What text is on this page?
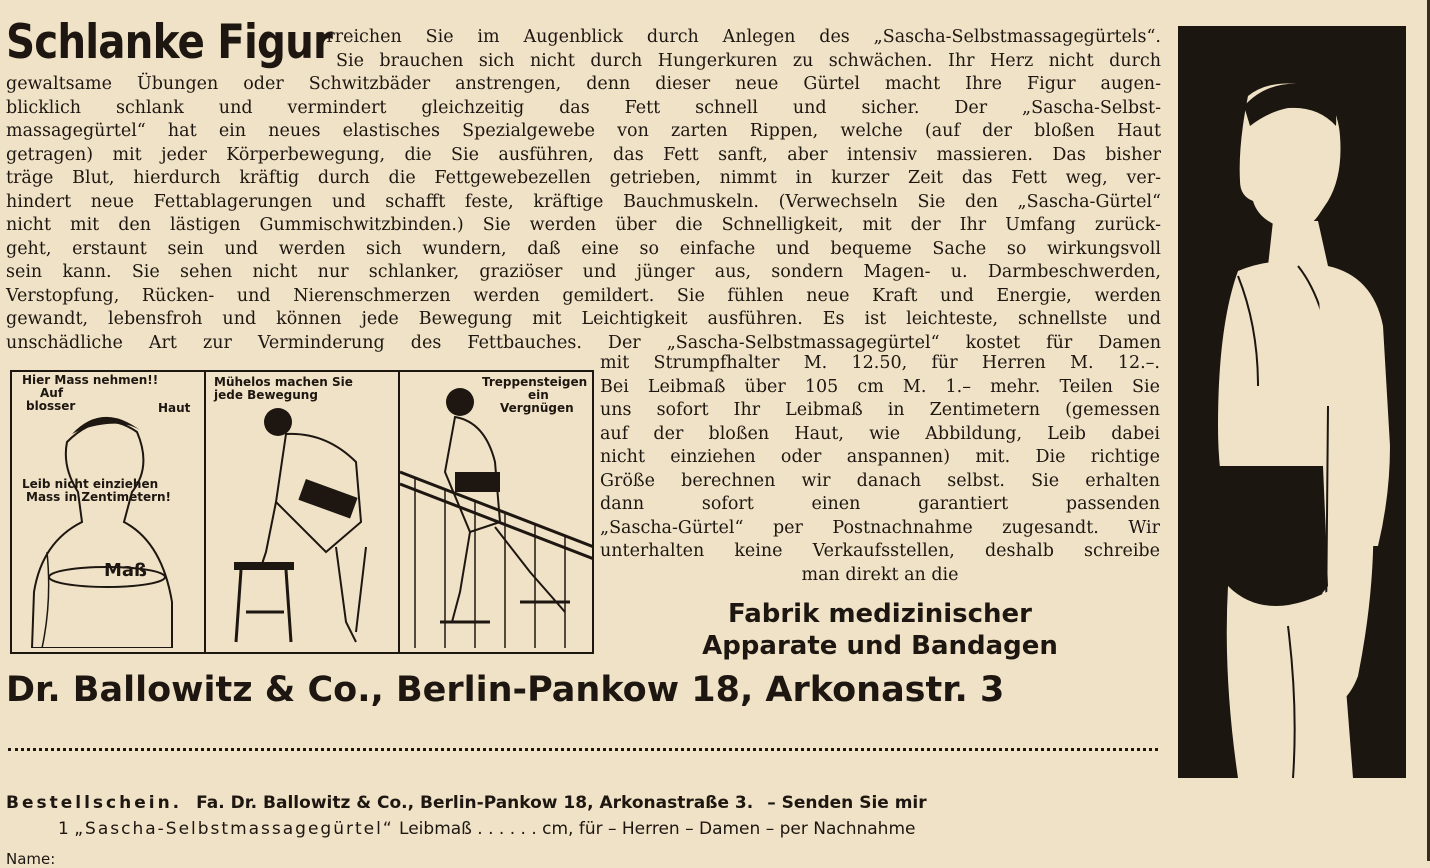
Schlanke Figur
erreichen Sie im Augenblick durch Anlegen des „Sascha-Selbstmassagegürtels“.
Sie brauchen sich nicht durch Hungerkuren zu schwächen. Ihr Herz nicht durch
gewaltsame Übungen oder Schwitzbäder anstrengen, denn dieser neue Gürtel macht Ihre Figur augen-
blicklich schlank und vermindert gleichzeitig das Fett schnell und sicher. Der „Sascha-Selbst-
massagegürtel“ hat ein neues elastisches Spezialgewebe von zarten Rippen, welche (auf der bloßen Haut
getragen) mit jeder Körperbewegung, die Sie ausführen, das Fett sanft, aber intensiv massieren. Das bisher
träge Blut, hierdurch kräftig durch die Fettgewebezellen getrieben, nimmt in kurzer Zeit das Fett weg, ver-
hindert neue Fettablagerungen und schafft feste, kräftige Bauchmuskeln. (Verwechseln Sie den „Sascha-Gürtel“
nicht mit den lästigen Gummischwitzbinden.) Sie werden über die Schnelligkeit, mit der Ihr Umfang zurück-
geht, erstaunt sein und werden sich wundern, daß eine so einfache und bequeme Sache so wirkungsvoll
sein kann. Sie sehen nicht nur schlanker, graziöser und jünger aus, sondern Magen- u. Darmbeschwerden,
Verstopfung, Rücken- und Nierenschmerzen werden gemildert. Sie fühlen neue Kraft und Energie, werden
gewandt, lebensfroh und können jede Bewegung mit Leichtigkeit ausführen. Es ist leichteste, schnellste und
unschädliche Art zur Verminderung des Fettbauches. Der „Sascha-Selbstmassagegürtel“ kostet für Damen
Hier Mass nehmen!!
Auf
blosser	Haut
Leib nicht einziehen
Mass in Zentimetern!
Maß
Mühelos machen Sie
jede Bewegung
Treppensteigen
ein
Vergnügen
mit Strumpfhalter M. 12.50, für Herren M. 12.–.
Bei Leibmaß über 105 cm M. 1.– mehr. Teilen Sie
uns sofort Ihr Leibmaß in Zentimetern (gemessen
auf der bloßen Haut, wie Abbildung, Leib dabei
nicht einziehen oder anspannen) mit. Die richtige
Größe berechnen wir danach selbst. Sie erhalten
dann sofort einen garantiert passenden
„Sascha-Gürtel“ per Postnachnahme zugesandt. Wir
unterhalten keine Verkaufsstellen, deshalb schreibe
man direkt an die
Fabrik medizinischer
Apparate und Bandagen
Dr. Ballowitz & Co., Berlin-Pankow 18, Arkonastr. 3
Bestellschein. Fa. Dr. Ballowitz & Co., Berlin-Pankow 18, Arkonastraße 3. – Senden Sie mir
1 „Sascha-Selbstmassagegürtel“ Leibmaß . . . . . . cm, für – Herren – Damen – per Nachnahme
Name:
